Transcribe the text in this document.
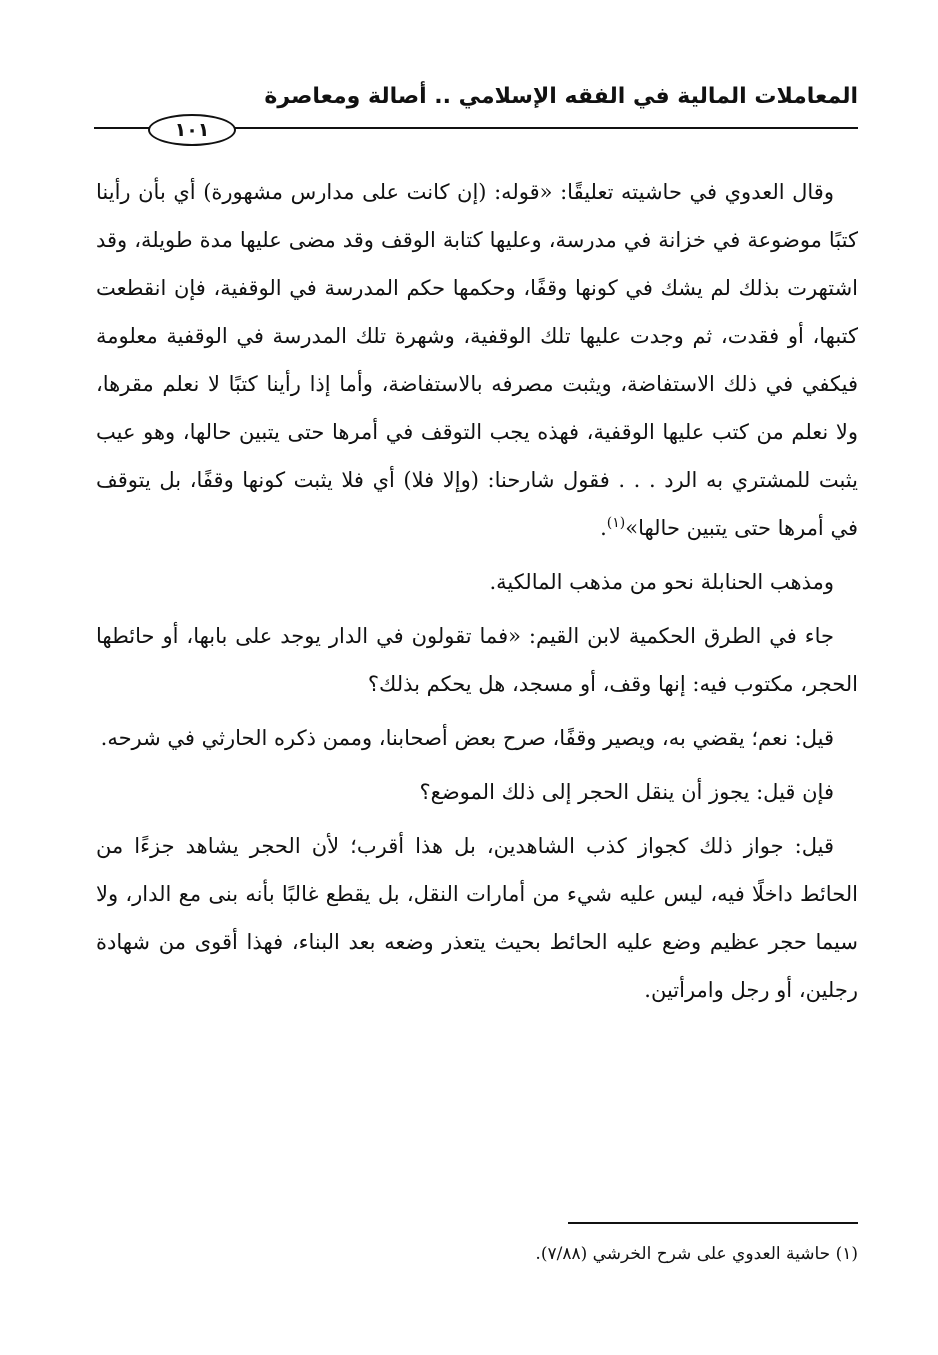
المعاملات المالية في الفقه الإسلامي .. أصالة ومعاصرة
١٠١

وقال العدوي في حاشيته تعليقًا: «قوله: (إن كانت على مدارس مشهورة) أي بأن رأينا كتبًا موضوعة في خزانة في مدرسة، وعليها كتابة الوقف وقد مضى عليها مدة طويلة، وقد اشتهرت بذلك لم يشك في كونها وقفًا، وحكمها حكم المدرسة في الوقفية، فإن انقطعت كتبها، أو فقدت، ثم وجدت عليها تلك الوقفية، وشهرة تلك المدرسة في الوقفية معلومة فيكفي في ذلك الاستفاضة، ويثبت مصرفه بالاستفاضة، وأما إذا رأينا كتبًا لا نعلم مقرها، ولا نعلم من كتب عليها الوقفية، فهذه يجب التوقف في أمرها حتى يتبين حالها، وهو عيب يثبت للمشتري به الرد . . . فقول شارحنا: (وإلا فلا) أي فلا يثبت كونها وقفًا، بل يتوقف في أمرها حتى يتبين حالها»$^{(١)}$.

ومذهب الحنابلة نحو من مذهب المالكية.

جاء في الطرق الحكمية لابن القيم: «فما تقولون في الدار يوجد على بابها، أو حائطها الحجر، مكتوب فيه: إنها وقف، أو مسجد، هل يحكم بذلك؟

قيل: نعم؛ يقضي به، ويصير وقفًا، صرح بعض أصحابنا، وممن ذكره الحارثي في شرحه.

فإن قيل: يجوز أن ينقل الحجر إلى ذلك الموضع؟

قيل: جواز ذلك كجواز كذب الشاهدين، بل هذا أقرب؛ لأن الحجر يشاهد جزءًا من الحائط داخلًا فيه، ليس عليه شيء من أمارات النقل، بل يقطع غالبًا بأنه بنى مع الدار، ولا سيما حجر عظيم وضع عليه الحائط بحيث يتعذر وضعه بعد البناء، فهذا أقوى من شهادة رجلين، أو رجل وامرأتين.

(١) حاشية العدوي على شرح الخرشي (٧/٨٨).
